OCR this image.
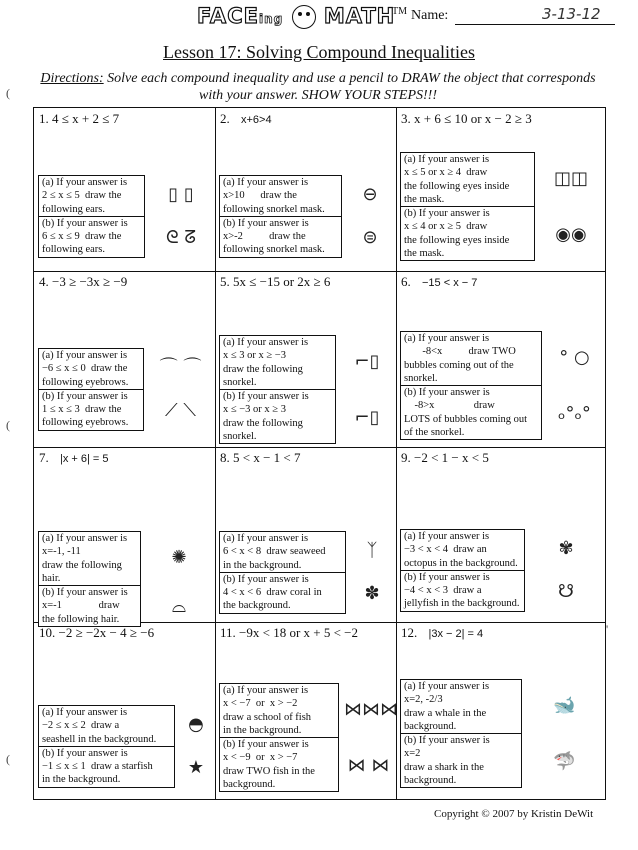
FACEing MATH
TM Name:	3-13-12
Lesson 17: Solving Compound Inequalities
Directions: Solve each compound inequality and use a pencil to DRAW the object that corresponds with your answer. SHOW YOUR STEPS!!!
1. 4 ≤ x + 2 ≤ 7
(a) If your answer is
2 ≤ x ≤ 5  draw the
following ears.
(b) If your answer is
6 ≤ x ≤ 9  draw the
following ears.
▯ ▯
ᘓ ᘔ
2. x+6>4
(a) If your answer is
x>10      draw the
following snorkel mask.
(b) If your answer is
x>-2          draw the
following snorkel mask.
⊖
⊜
3. x + 6 ≤ 10 or x − 2 ≥ 3
(a) If your answer is
x ≤ 5 or x ≥ 4  draw
the following eyes inside
the mask.
(b) If your answer is
x ≤ 4 or x ≥ 5  draw
the following eyes inside
the mask.
◫◫
◉◉
4. −3 ≥ −3x ≥ −9
(a) If your answer is
−6 ≤ x ≤ 0  draw the
following eyebrows.
(b) If your answer is
1 ≤ x ≤ 3  draw the
following eyebrows.
⌒ ⌒
⟋ ⟍
5. 5x ≤ −15 or 2x ≥ 6
(a) If your answer is
x ≤ 3 or x ≥ −3
draw the following
snorkel.
(b) If your answer is
x ≤ −3 or x ≥ 3
draw the following
snorkel.
⌐▯
⌐▯
6. −15 < x − 7
(a) If your answer is
-8<x          draw TWO
bubbles coming out of the
snorkel.
(b) If your answer is
-8>x               draw
LOTS of bubbles coming out
of the snorkel.
° ○
ₒ°ₒ°
7. |x + 6| = 5
(a) If your answer is
x=-1, -11
draw the following
hair.
(b) If your answer is
x=-1              draw
the following hair.
✺
⌓
8. 5 < x − 1 < 7
(a) If your answer is
6 < x < 8  draw seaweed
in the background.
(b) If your answer is
4 < x < 6  draw coral in
the background.
ᛉ
✽
9. −2 < 1 − x < 5
(a) If your answer is
−3 < x < 4  draw an
octopus in the background.
(b) If your answer is
−4 < x < 3  draw a
jellyfish in the background.
✾
☋
10. −2 ≥ −2x − 4 ≥ −6
(a) If your answer is
−2 ≤ x ≤ 2  draw a
seashell in the background.
(b) If your answer is
−1 ≤ x ≤ 1  draw a starfish
in the background.
◓
★
11. −9x < 18 or x + 5 < −2
(a) If your answer is
x < −7  or  x > −2
draw a school of fish
in the background.
(b) If your answer is
x < −9  or  x > −7
draw TWO fish in the
background.
⋈⋈⋈
⋈ ⋈
12. |3x − 2| = 4
(a) If your answer is
x=2, -2/3
draw a whale in the
background.
(b) If your answer is
x=2
draw a shark in the
background.
🐋
🦈
Copyright © 2007 by Kristin DeWit
(
(
(
'
